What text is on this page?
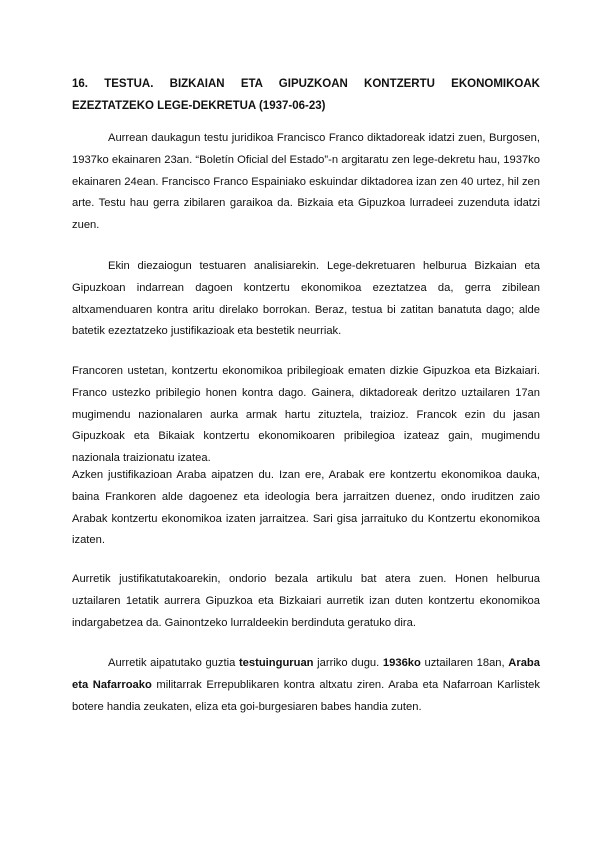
16. TESTUA. BIZKAIAN ETA GIPUZKOAN KONTZERTU EKONOMIKOAK EZEZTATZEKO LEGE-DEKRETUA (1937-06-23)

Aurrean daukagun testu juridikoa Francisco Franco diktadoreak idatzi zuen, Burgosen, 1937ko ekainaren 23an. “Boletín Oficial del Estado”-n argitaratu zen lege-dekretu hau, 1937ko ekainaren 24ean. Francisco Franco Espainiako eskuindar diktadorea izan zen 40 urtez, hil zen arte. Testu hau gerra zibilaren garaikoa da. Bizkaia eta Gipuzkoa lurradeei zuzenduta idatzi zuen.

Ekin diezaiogun testuaren analisiarekin. Lege-dekretuaren helburua Bizkaian eta Gipuzkoan indarrean dagoen kontzertu ekonomikoa ezeztatzea da, gerra zibilean altxamenduaren kontra aritu direlako borrokan. Beraz, testua bi zatitan banatuta dago; alde batetik ezeztatzeko justifikazioak eta bestetik neurriak.

Francoren ustetan, kontzertu ekonomikoa pribilegioak ematen dizkie Gipuzkoa eta Bizkaiari. Franco ustezko pribilegio honen kontra dago. Gainera, diktadoreak deritzo uztailaren 17an mugimendu nazionalaren aurka armak hartu zituztela, traizioz. Francok ezin du jasan Gipuzkoak eta Bikaiak kontzertu ekonomikoaren pribilegioa izateaz gain, mugimendu nazionala traizionatu izatea.

Azken justifikazioan Araba aipatzen du. Izan ere, Arabak ere kontzertu ekonomikoa dauka, baina Frankoren alde dagoenez eta ideologia bera jarraitzen duenez, ondo iruditzen zaio Arabak kontzertu ekonomikoa izaten jarraitzea. Sari gisa jarraituko du Kontzertu ekonomikoa izaten.

Aurretik justifikatutakoarekin, ondorio bezala artikulu bat atera zuen. Honen helburua uztailaren 1etatik aurrera Gipuzkoa eta Bizkaiari aurretik izan duten kontzertu ekonomikoa indargabetzea da. Gainontzeko lurraldeekin berdinduta geratuko dira.

Aurretik aipatutako guztia testuinguruan jarriko dugu. 1936ko uztailaren 18an, Araba eta Nafarroako militarrak Errepublikaren kontra altxatu ziren. Araba eta Nafarroan Karlistek botere handia zeukaten, eliza eta goi-burgesiaren babes handia zuten.
